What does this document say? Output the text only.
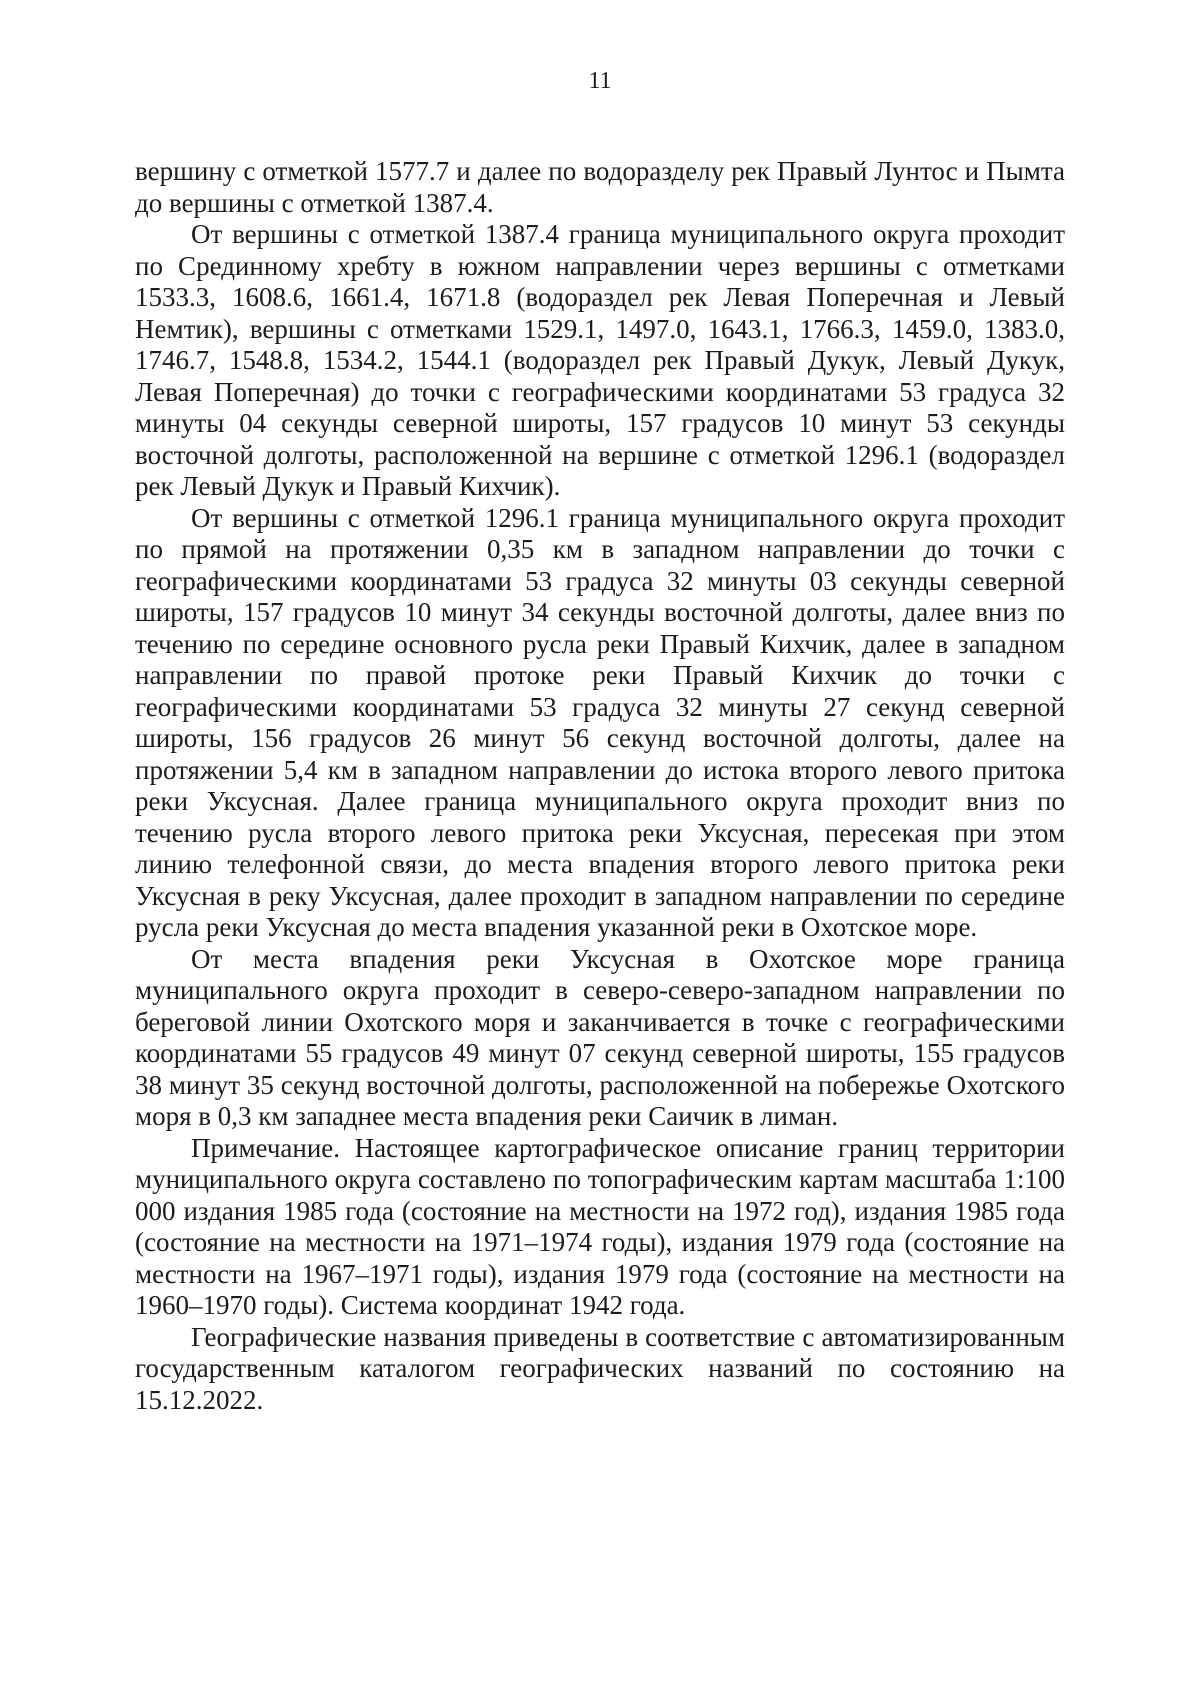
11

вершину с отметкой 1577.7 и далее по водоразделу рек Правый Лунтос и Пымта до вершины с отметкой 1387.4.

От вершины с отметкой 1387.4 граница муниципального округа проходит по Срединному хребту в южном направлении через вершины с отметками 1533.3, 1608.6, 1661.4, 1671.8 (водораздел рек Левая Поперечная и Левый Немтик), вершины с отметками 1529.1, 1497.0, 1643.1, 1766.3, 1459.0, 1383.0, 1746.7, 1548.8, 1534.2, 1544.1 (водораздел рек Правый Дукук, Левый Дукук, Левая Поперечная) до точки с географическими координатами 53 градуса 32 минуты 04 секунды северной широты, 157 градусов 10 минут 53 секунды восточной долготы, расположенной на вершине с отметкой 1296.1 (водораздел рек Левый Дукук и Правый Кихчик).

От вершины с отметкой 1296.1 граница муниципального округа проходит по прямой на протяжении 0,35 км в западном направлении до точки с географическими координатами 53 градуса 32 минуты 03 секунды северной широты, 157 градусов 10 минут 34 секунды восточной долготы, далее вниз по течению по середине основного русла реки Правый Кихчик, далее в западном направлении по правой протоке реки Правый Кихчик до точки с географическими координатами 53 градуса 32 минуты 27 секунд северной широты, 156 градусов 26 минут 56 секунд восточной долготы, далее на протяжении 5,4 км в западном направлении до истока второго левого притока реки Уксусная. Далее граница муниципального округа проходит вниз по течению русла второго левого притока реки Уксусная, пересекая при этом линию телефонной связи, до места впадения второго левого притока реки Уксусная в реку Уксусная, далее проходит в западном направлении по середине русла реки Уксусная до места впадения указанной реки в Охотское море.

От места впадения реки Уксусная в Охотское море граница муниципального округа проходит в северо-северо-западном направлении по береговой линии Охотского моря и заканчивается в точке с географическими координатами 55 градусов 49 минут 07 секунд северной широты, 155 градусов 38 минут 35 секунд восточной долготы, расположенной на побережье Охотского моря в 0,3 км западнее места впадения реки Саичик в лиман.

Примечание. Настоящее картографическое описание границ территории муниципального округа составлено по топографическим картам масштаба 1:100 000 издания 1985 года (состояние на местности на 1972 год), издания 1985 года (состояние на местности на 1971–1974 годы), издания 1979 года (состояние на местности на 1967–1971 годы), издания 1979 года (состояние на местности на 1960–1970 годы). Система координат 1942 года.

Географические названия приведены в соответствие с автоматизированным государственным каталогом географических названий по состоянию на 15.12.2022.
